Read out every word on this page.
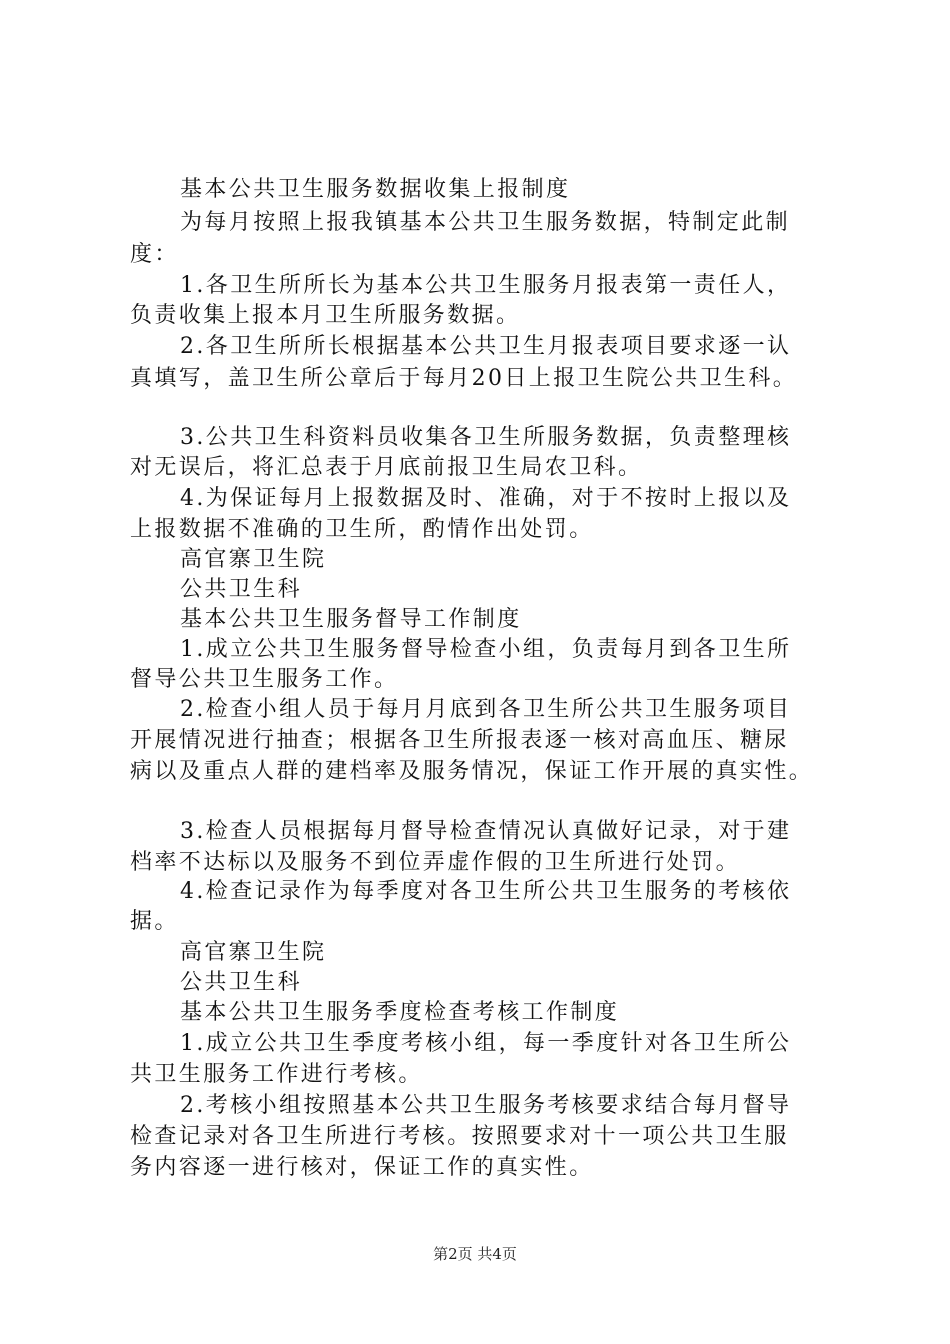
基本公共卫生服务数据收集上报制度

为每月按照上报我镇基本公共卫生服务数据，特制定此制

度：

1.各卫生所所长为基本公共卫生服务月报表第一责任人，

负责收集上报本月卫生所服务数据。

2.各卫生所所长根据基本公共卫生月报表项目要求逐一认

真填写，盖卫生所公章后于每月20日上报卫生院公共卫生科。

3.公共卫生科资料员收集各卫生所服务数据，负责整理核

对无误后，将汇总表于月底前报卫生局农卫科。

4.为保证每月上报数据及时、准确，对于不按时上报以及

上报数据不准确的卫生所，酌情作出处罚。

高官寨卫生院

公共卫生科

基本公共卫生服务督导工作制度

1.成立公共卫生服务督导检查小组，负责每月到各卫生所

督导公共卫生服务工作。

2.检查小组人员于每月月底到各卫生所公共卫生服务项目

开展情况进行抽查；根据各卫生所报表逐一核对高血压、糖尿

病以及重点人群的建档率及服务情况，保证工作开展的真实性。

3.检查人员根据每月督导检查情况认真做好记录，对于建

档率不达标以及服务不到位弄虚作假的卫生所进行处罚。

4.检查记录作为每季度对各卫生所公共卫生服务的考核依

据。

高官寨卫生院

公共卫生科

基本公共卫生服务季度检查考核工作制度

1.成立公共卫生季度考核小组，每一季度针对各卫生所公

共卫生服务工作进行考核。

2.考核小组按照基本公共卫生服务考核要求结合每月督导

检查记录对各卫生所进行考核。按照要求对十一项公共卫生服

务内容逐一进行核对，保证工作的真实性。

第2页 共4页
